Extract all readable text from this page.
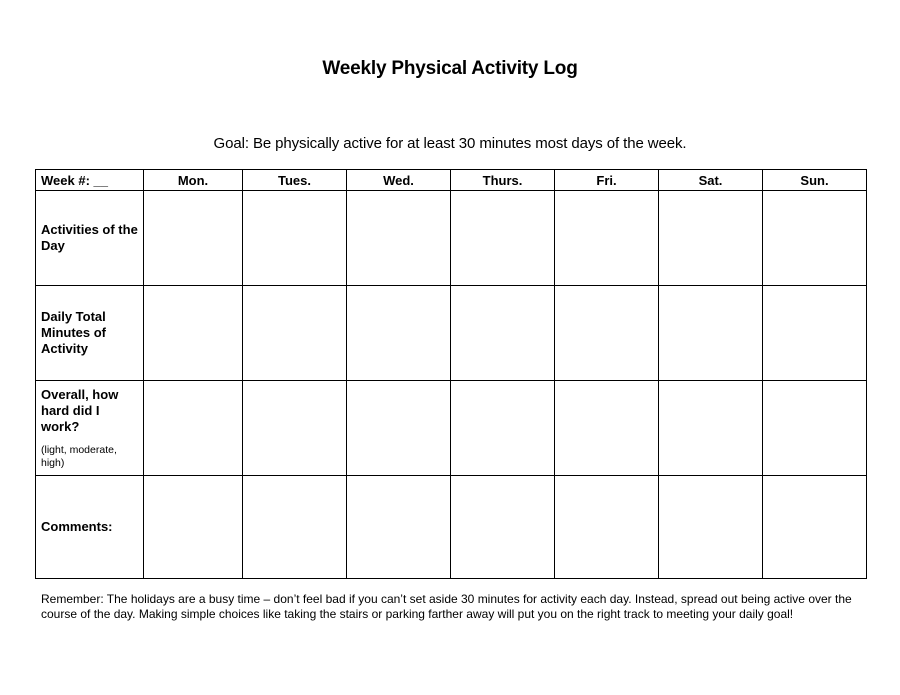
Weekly Physical Activity Log
Goal: Be physically active for at least 30 minutes most days of the week.
Week #: __	Mon.	Tues.	Wed.	Thurs.	Fri.	Sat.	Sun.

Activities of the Day							

Daily Total Minutes of Activity							

Overall, how hard did I work?
(light, moderate, high)							

Comments:							

Remember: The holidays are a busy time – don’t feel bad if you can’t set aside 30 minutes for activity each day. Instead, spread out being active over the course of the day. Making simple choices like taking the stairs or parking farther away will put you on the right track to meeting your daily goal!
